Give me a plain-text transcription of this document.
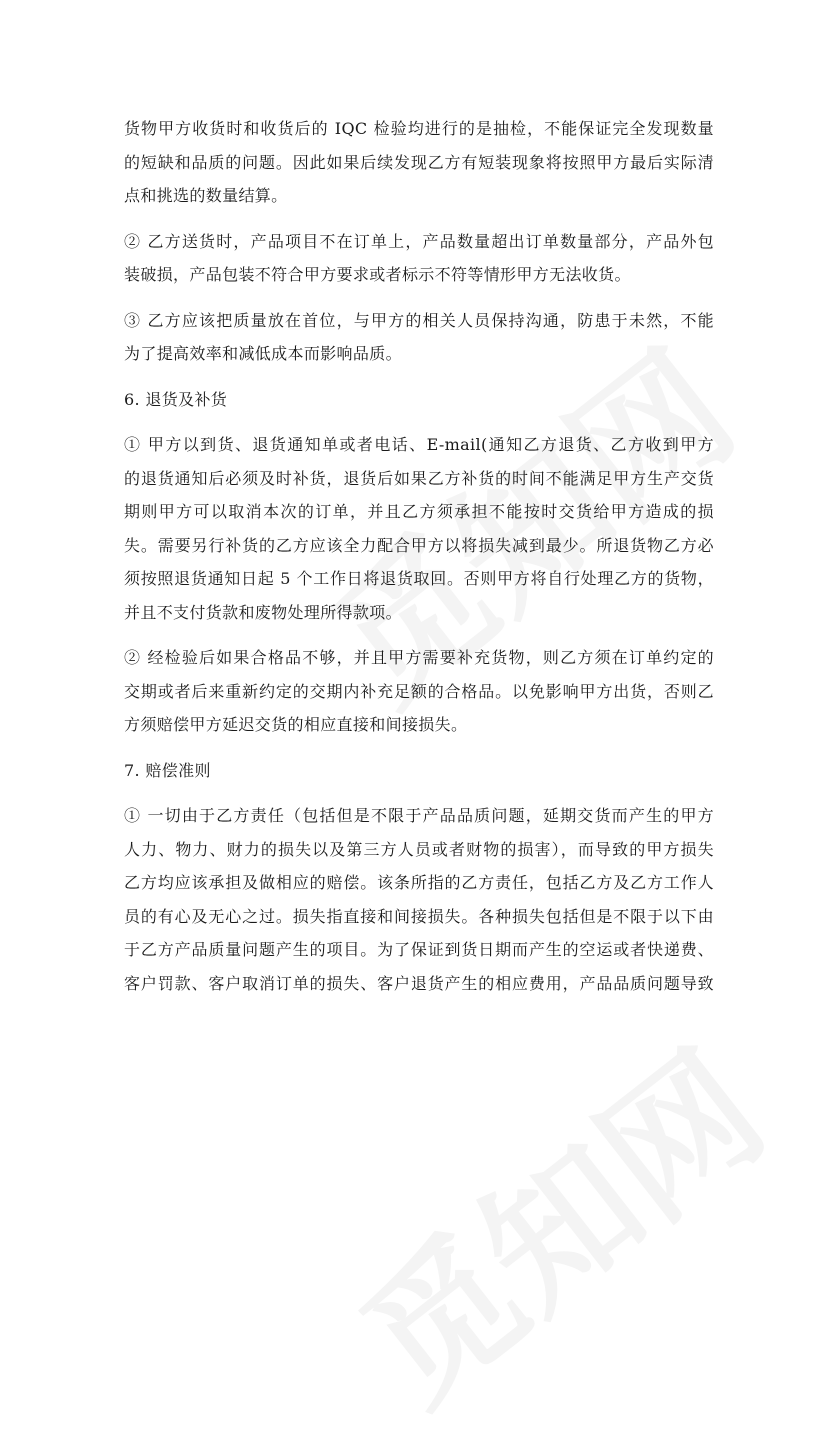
货物甲方收货时和收货后的 IQC 检验均进行的是抽检，不能保证完全发现数量
的短缺和品质的问题。因此如果后续发现乙方有短装现象将按照甲方最后实际清
点和挑选的数量结算。
② 乙方送货时，产品项目不在订单上，产品数量超出订单数量部分，产品外包
装破损，产品包装不符合甲方要求或者标示不符等情形甲方无法收货。
③ 乙方应该把质量放在首位，与甲方的相关人员保持沟通，防患于未然，不能
为了提高效率和减低成本而影响品质。
6. 退货及补货
① 甲方以到货、退货通知单或者电话、E-mail(通知乙方退货、乙方收到甲方
的退货通知后必须及时补货，退货后如果乙方补货的时间不能满足甲方生产交货
期则甲方可以取消本次的订单，并且乙方须承担不能按时交货给甲方造成的损
失。需要另行补货的乙方应该全力配合甲方以将损失减到最少。所退货物乙方必
须按照退货通知日起 5 个工作日将退货取回。否则甲方将自行处理乙方的货物，
并且不支付货款和废物处理所得款项。
② 经检验后如果合格品不够，并且甲方需要补充货物，则乙方须在订单约定的
交期或者后来重新约定的交期内补充足额的合格品。以免影响甲方出货，否则乙
方须赔偿甲方延迟交货的相应直接和间接损失。
7. 赔偿准则
① 一切由于乙方责任（包括但是不限于产品品质问题，延期交货而产生的甲方
人力、物力、财力的损失以及第三方人员或者财物的损害），而导致的甲方损失
乙方均应该承担及做相应的赔偿。该条所指的乙方责任，包括乙方及乙方工作人
员的有心及无心之过。损失指直接和间接损失。各种损失包括但是不限于以下由
于乙方产品质量问题产生的项目。为了保证到货日期而产生的空运或者快递费、
客户罚款、客户取消订单的损失、客户退货产生的相应费用，产品品质问题导致
